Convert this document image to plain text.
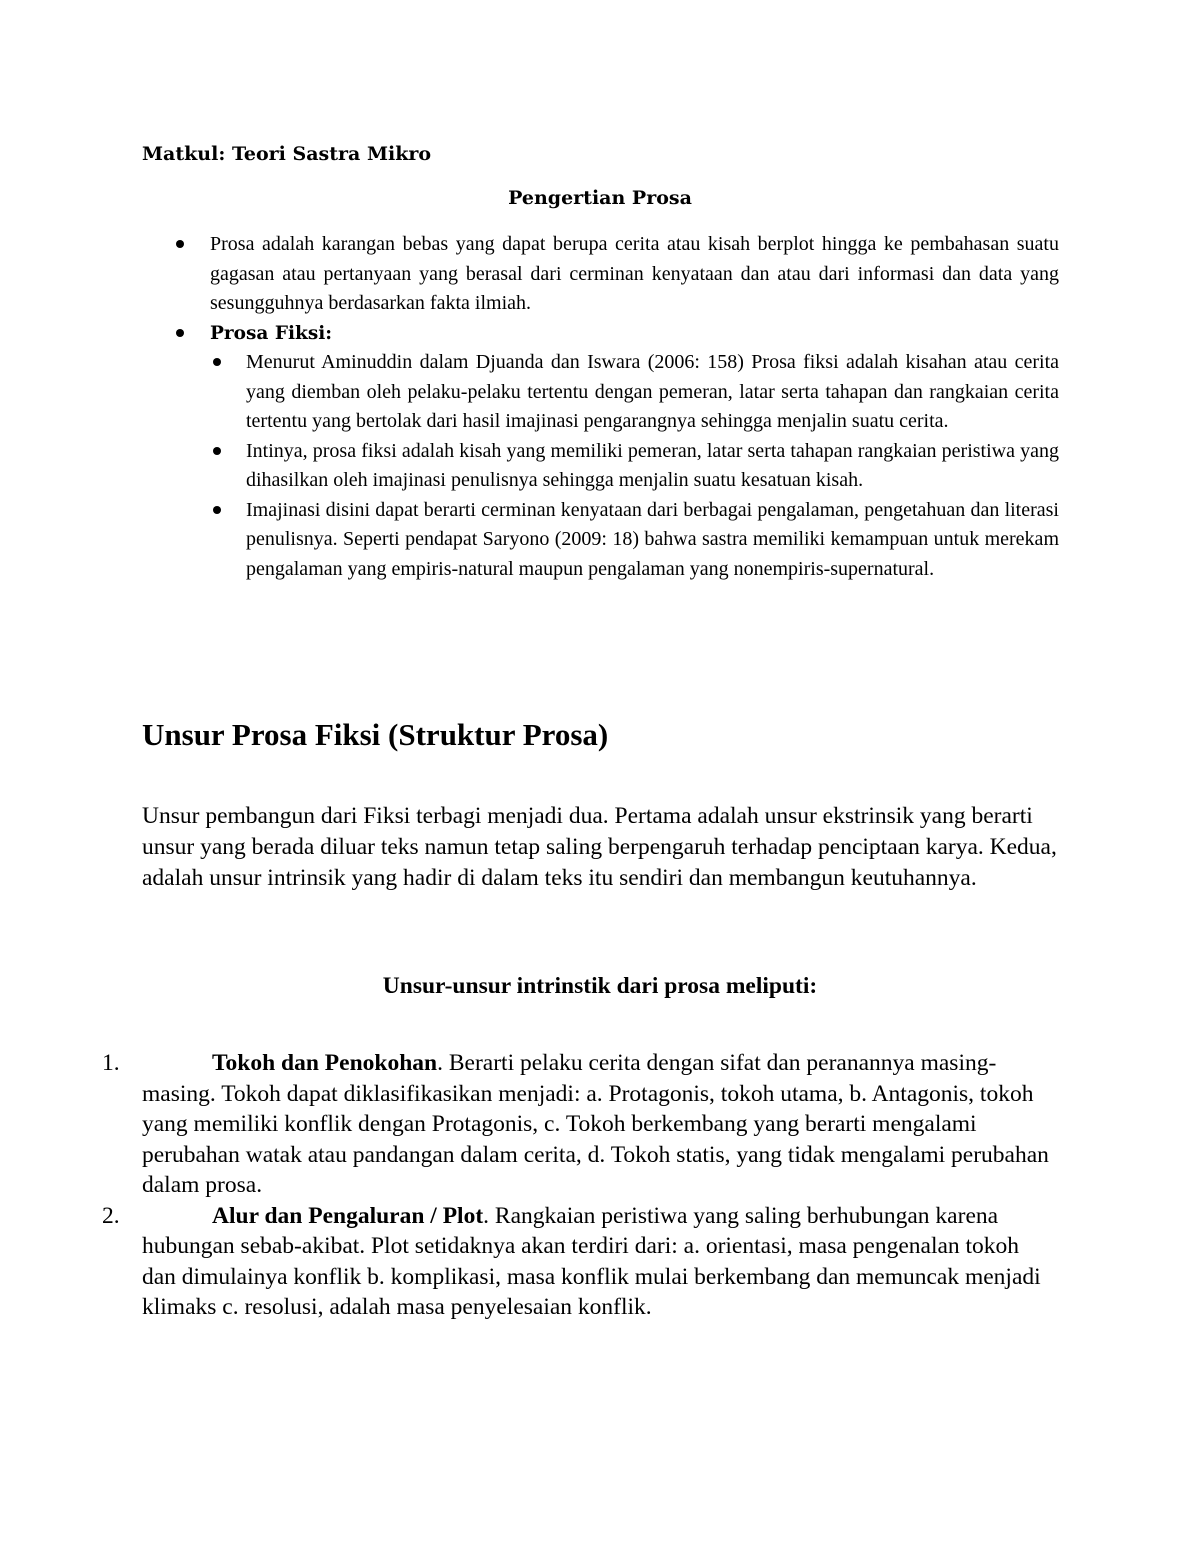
Matkul: Teori Sastra Mikro
Pengertian Prosa
Prosa adalah karangan bebas yang dapat berupa cerita atau kisah berplot hingga ke pembahasan suatu gagasan atau pertanyaan yang berasal dari cerminan kenyataan dan atau dari informasi dan data yang sesungguhnya berdasarkan fakta ilmiah.
Prosa Fiksi:
Menurut Aminuddin dalam Djuanda dan Iswara (2006: 158) Prosa fiksi adalah kisahan atau cerita yang diemban oleh pelaku-pelaku tertentu dengan pemeran, latar serta tahapan dan rangkaian cerita tertentu yang bertolak dari hasil imajinasi pengarangnya sehingga menjalin suatu cerita.
Intinya, prosa fiksi adalah kisah yang memiliki pemeran, latar serta tahapan rangkaian peristiwa yang dihasilkan oleh imajinasi penulisnya sehingga menjalin suatu kesatuan kisah.
Imajinasi disini dapat berarti cerminan kenyataan dari berbagai pengalaman, pengetahuan dan literasi penulisnya. Seperti pendapat Saryono (2009: 18) bahwa sastra memiliki kemampuan untuk merekam pengalaman yang empiris-natural maupun pengalaman yang nonempiris-supernatural.
Unsur Prosa Fiksi (Struktur Prosa)
Unsur pembangun dari Fiksi terbagi menjadi dua. Pertama adalah unsur ekstrinsik yang berarti unsur yang berada diluar teks namun tetap saling berpengaruh terhadap penciptaan karya. Kedua, adalah unsur intrinsik yang hadir di dalam teks itu sendiri dan membangun keutuhannya.
Unsur-unsur intrinstik dari prosa meliputi:
1.	Tokoh dan Penokohan. Berarti pelaku cerita dengan sifat dan peranannya masing-masing. Tokoh dapat diklasifikasikan menjadi: a. Protagonis, tokoh utama, b. Antagonis, tokoh yang memiliki konflik dengan Protagonis, c. Tokoh berkembang yang berarti mengalami perubahan watak atau pandangan dalam cerita, d. Tokoh statis, yang tidak mengalami perubahan dalam prosa.
2.	Alur dan Pengaluran / Plot. Rangkaian peristiwa yang saling berhubungan karena hubungan sebab-akibat. Plot setidaknya akan terdiri dari: a. orientasi, masa pengenalan tokoh dan dimulainya konflik b. komplikasi, masa konflik mulai berkembang dan memuncak menjadi klimaks c. resolusi, adalah masa penyelesaian konflik.
